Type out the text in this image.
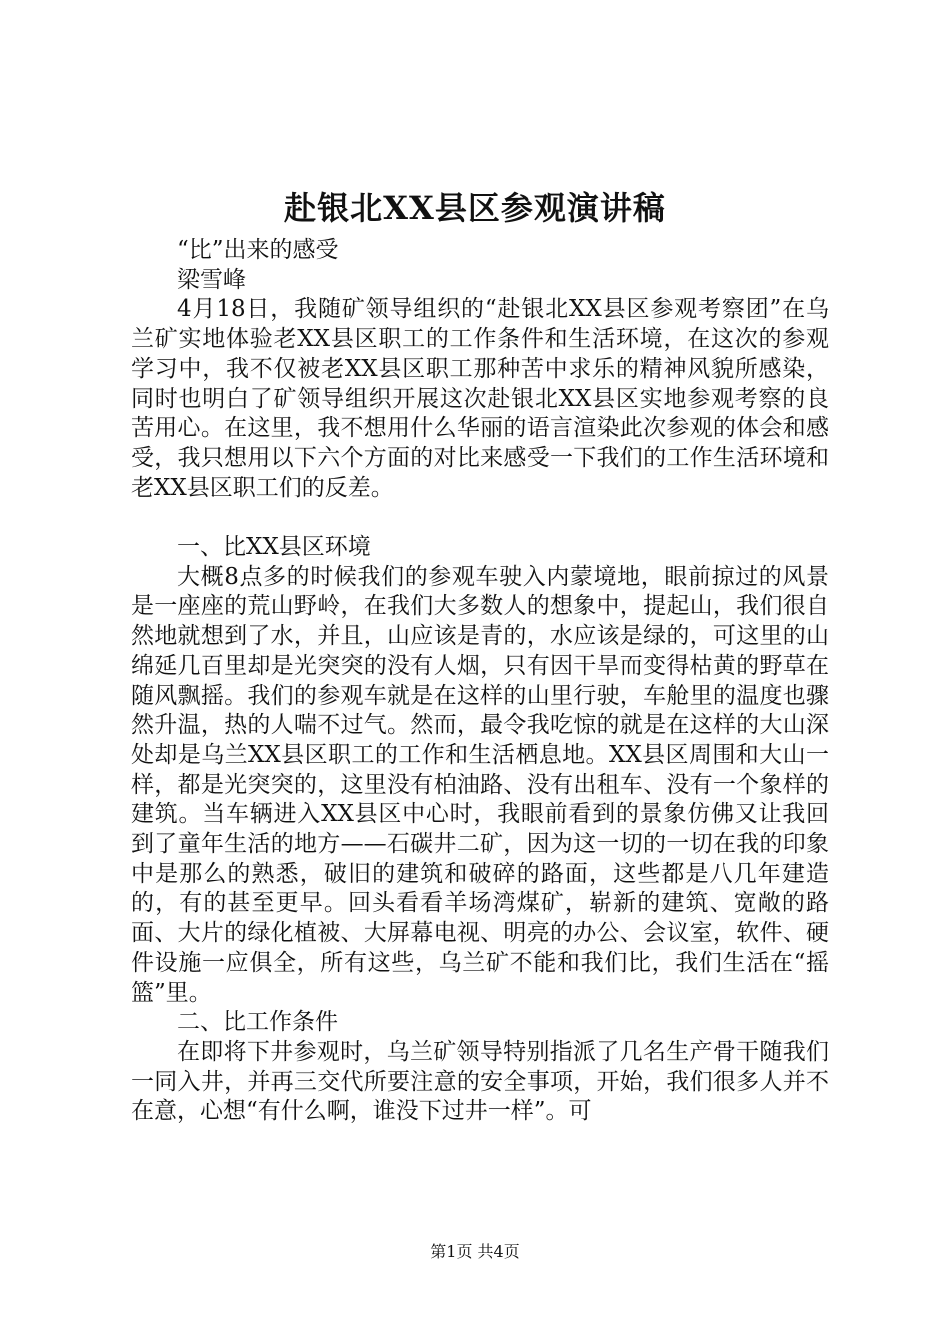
赴银北XX县区参观演讲稿

“比”出来的感受

梁雪峰

4月18日，我随矿领导组织的“赴银北XX县区参观考察团”在乌兰矿实地体验老XX县区职工的工作条件和生活环境，在这次的参观学习中，我不仅被老XX县区职工那种苦中求乐的精神风貌所感染，同时也明白了矿领导组织开展这次赴银北XX县区实地参观考察的良苦用心。在这里，我不想用什么华丽的语言渲染此次参观的体会和感受，我只想用以下六个方面的对比来感受一下我们的工作生活环境和老XX县区职工们的反差。

一、比XX县区环境

大概8点多的时候我们的参观车驶入内蒙境地，眼前掠过的风景是一座座的荒山野岭，在我们大多数人的想象中，提起山，我们很自然地就想到了水，并且，山应该是青的，水应该是绿的，可这里的山绵延几百里却是光突突的没有人烟，只有因干旱而变得枯黄的野草在随风飘摇。我们的参观车就是在这样的山里行驶，车舱里的温度也骤然升温，热的人喘不过气。然而，最令我吃惊的就是在这样的大山深处却是乌兰XX县区职工的工作和生活栖息地。XX县区周围和大山一样，都是光突突的，这里没有柏油路、没有出租车、没有一个象样的建筑。当车辆进入XX县区中心时，我眼前看到的景象仿佛又让我回到了童年生活的地方——石碳井二矿，因为这一切的一切在我的印象中是那么的熟悉，破旧的建筑和破碎的路面，这些都是八几年建造的，有的甚至更早。回头看看羊场湾煤矿，崭新的建筑、宽敞的路面、大片的绿化植被、大屏幕电视、明亮的办公、会议室，软件、硬件设施一应俱全，所有这些，乌兰矿不能和我们比，我们生活在“摇篮”里。

二、比工作条件

在即将下井参观时，乌兰矿领导特别指派了几名生产骨干随我们一同入井，并再三交代所要注意的安全事项，开始，我们很多人并不在意，心想“有什么啊，谁没下过井一样”。可

第1页 共4页
